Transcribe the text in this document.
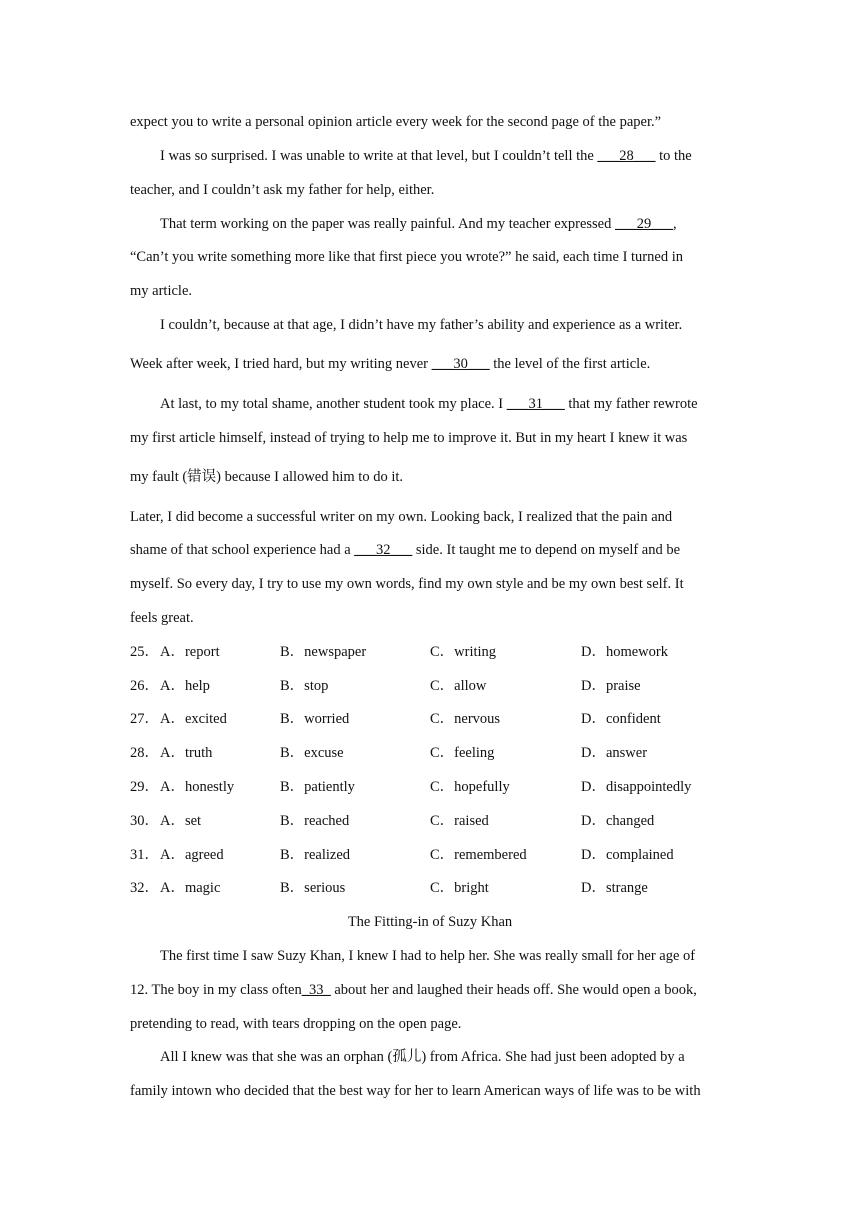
expect you to write a personal opinion article every week for the second page of the paper.”
I was so surprised. I was unable to write at that level, but I couldn’t tell the ___28___ to the
teacher, and I couldn’t ask my father for help, either.
That term working on the paper was really painful. And my teacher expressed ___29___,
“Can’t you write something more like that first piece you wrote?” he said, each time I turned in
my article.
I couldn’t, because at that age, I didn’t have my father’s ability and experience as a writer.
Week after week, I tried hard, but my writing never ___30___ the level of the first article.
At last, to my total shame, another student took my place. I ___31___ that my father rewrote
my first article himself, instead of trying to help me to improve it. But in my heart I knew it was
my fault (错误) because I allowed him to do it.
Later, I did become a successful writer on my own. Looking back, I realized that the pain and
shame of that school experience had a ___32___ side. It taught me to depend on myself and be
myself. So every day, I try to use my own words, find my own style and be my own best self. It
feels great.
25． A．report	B．newspaper	C．writing	D．homework
26． A．help	B．stop	C．allow	D．praise
27． A．excited	B．worried	C．nervous	D．confident
28． A．truth	B．excuse	C．feeling	D．answer
29． A．honestly	B．patiently	C．hopefully	D．disappointedly
30． A．set	B．reached	C．raised	D．changed
31． A．agreed	B．realized	C．remembered	D．complained
32． A．magic	B．serious	C．bright	D．strange
The Fitting-in of Suzy Khan
The first time I saw Suzy Khan, I knew I had to help her. She was really small for her age of
12. The boy in my class often_33_ about her and laughed their heads off. She would open a book,
pretending to read, with tears dropping on the open page.
All I knew was that she was an orphan (孤儿) from Africa. She had just been adopted by a
family intown who decided that the best way for her to learn American ways of life was to be with
